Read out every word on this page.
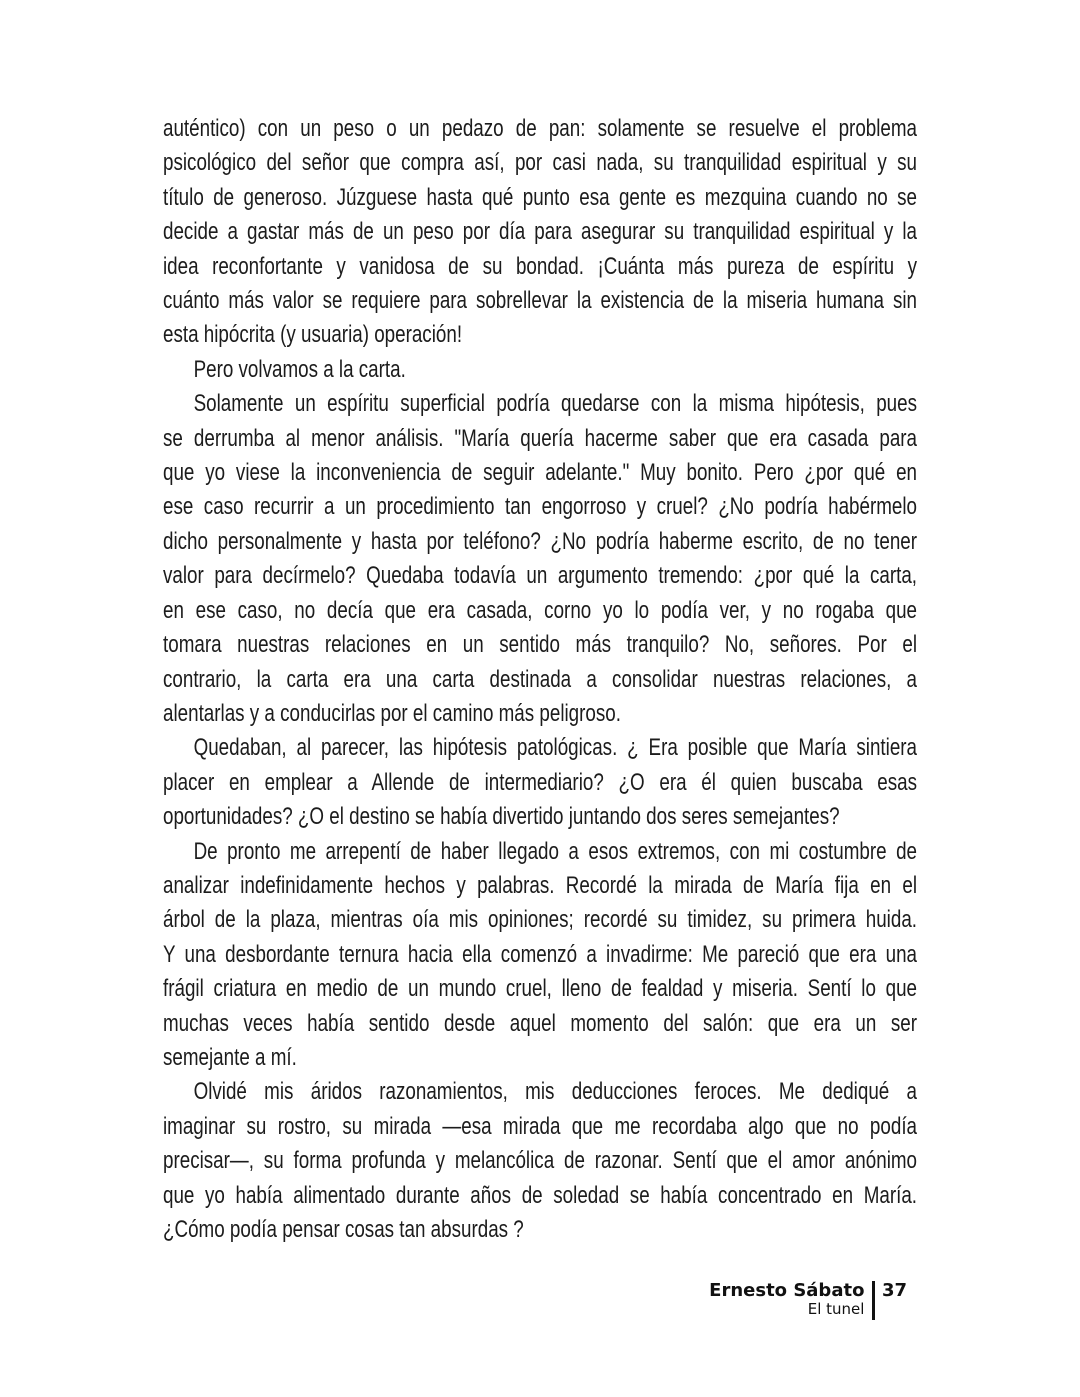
auténtico) con un peso o un pedazo de pan: solamente se resuelve el problema
psicológico del señor que compra así, por casi nada, su tranquilidad espiritual y su
título de generoso. Júzguese hasta qué punto esa gente es mezquina cuando no se
decide a gastar más de un peso por día para asegurar su tranquilidad espiritual y la
idea reconfortante y vanidosa de su bondad. ¡Cuánta más pureza de espíritu y
cuánto más valor se requiere para sobrellevar la existencia de la miseria humana sin
esta hipócrita (y usuaria) operación!
Pero volvamos a la carta.
Solamente un espíritu superficial podría quedarse con la misma hipótesis, pues
se derrumba al menor análisis. "María quería hacerme saber que era casada para
que yo viese la inconveniencia de seguir adelante." Muy bonito. Pero ¿por qué en
ese caso recurrir a un procedimiento tan engorroso y cruel? ¿No podría habérmelo
dicho personalmente y hasta por teléfono? ¿No podría haberme escrito, de no tener
valor para decírmelo? Quedaba todavía un argumento tremendo: ¿por qué la carta,
en ese caso, no decía que era casada, corno yo lo podía ver, y no rogaba que
tomara nuestras relaciones en un sentido más tranquilo? No, señores. Por el
contrario, la carta era una carta destinada a consolidar nuestras relaciones, a
alentarlas y a conducirlas por el camino más peligroso.
Quedaban, al parecer, las hipótesis patológicas. ¿ Era posible que María sintiera
placer en emplear a Allende de intermediario? ¿O era él quien buscaba esas
oportunidades? ¿O el destino se había divertido juntando dos seres semejantes?
De pronto me arrepentí de haber llegado a esos extremos, con mi costumbre de
analizar indefinidamente hechos y palabras. Recordé la mirada de María fija en el
árbol de la plaza, mientras oía mis opiniones; recordé su timidez, su primera huida.
Y una desbordante ternura hacia ella comenzó a invadirme: Me pareció que era una
frágil criatura en medio de un mundo cruel, lleno de fealdad y miseria. Sentí lo que
muchas veces había sentido desde aquel momento del salón: que era un ser
semejante a mí.
Olvidé mis áridos razonamientos, mis deducciones feroces. Me dediqué a
imaginar su rostro, su mirada —esa mirada que me recordaba algo que no podía
precisar—, su forma profunda y melancólica de razonar. Sentí que el amor anónimo
que yo había alimentado durante años de soledad se había concentrado en María.
¿Cómo podía pensar cosas tan absurdas ?
Ernesto Sábato
El tunel
37
